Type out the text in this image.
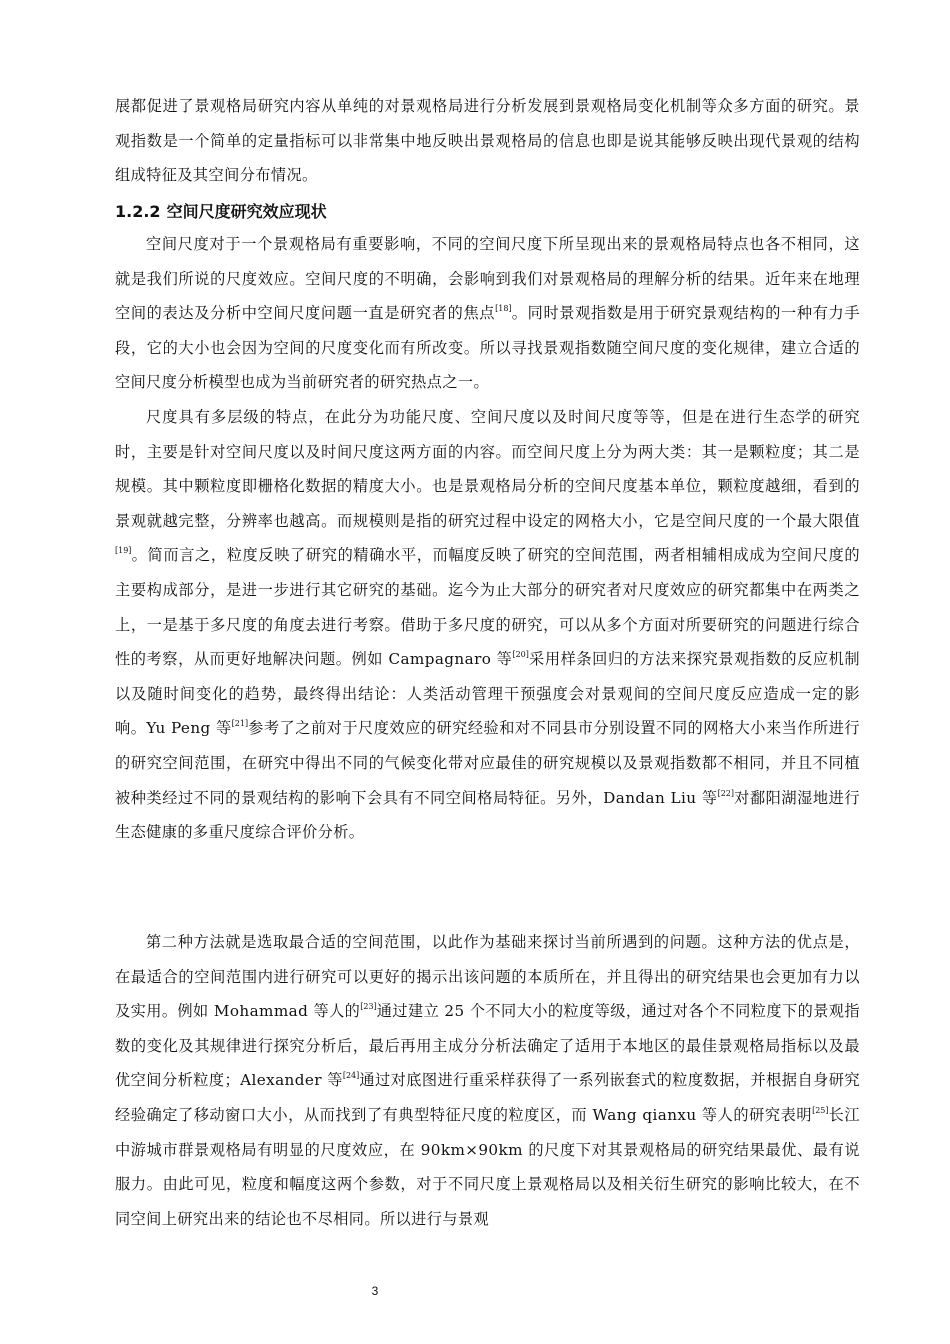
展都促进了景观格局研究内容从单纯的对景观格局进行分析发展到景观格局变化机制等众多方面的研究。景观指数是一个简单的定量指标可以非常集中地反映出景观格局的信息也即是说其能够反映出现代景观的结构组成特征及其空间分布情况。

1.2.2 空间尺度研究效应现状

空间尺度对于一个景观格局有重要影响，不同的空间尺度下所呈现出来的景观格局特点也各不相同，这就是我们所说的尺度效应。空间尺度的不明确，会影响到我们对景观格局的理解分析的结果。近年来在地理空间的表达及分析中空间尺度问题一直是研究者的焦点[18]。同时景观指数是用于研究景观结构的一种有力手段，它的大小也会因为空间的尺度变化而有所改变。所以寻找景观指数随空间尺度的变化规律，建立合适的空间尺度分析模型也成为当前研究者的研究热点之一。

尺度具有多层级的特点，在此分为功能尺度、空间尺度以及时间尺度等等，但是在进行生态学的研究时，主要是针对空间尺度以及时间尺度这两方面的内容。而空间尺度上分为两大类：其一是颗粒度；其二是规模。其中颗粒度即栅格化数据的精度大小。也是景观格局分析的空间尺度基本单位，颗粒度越细，看到的景观就越完整，分辨率也越高。而规模则是指的研究过程中设定的网格大小，它是空间尺度的一个最大限值[19]。简而言之，粒度反映了研究的精确水平，而幅度反映了研究的空间范围，两者相辅相成成为空间尺度的主要构成部分，是进一步进行其它研究的基础。迄今为止大部分的研究者对尺度效应的研究都集中在两类之上，一是基于多尺度的角度去进行考察。借助于多尺度的研究，可以从多个方面对所要研究的问题进行综合性的考察，从而更好地解决问题。例如 Campagnaro 等[20]采用样条回归的方法来探究景观指数的反应机制以及随时间变化的趋势，最终得出结论：人类活动管理干预强度会对景观间的空间尺度反应造成一定的影响。Yu Peng 等[21]参考了之前对于尺度效应的研究经验和对不同县市分别设置不同的网格大小来当作所进行的研究空间范围，在研究中得出不同的气候变化带对应最佳的研究规模以及景观指数都不相同，并且不同植被种类经过不同的景观结构的影响下会具有不同空间格局特征。另外，Dandan Liu 等[22]对鄱阳湖湿地进行生态健康的多重尺度综合评价分析。

第二种方法就是选取最合适的空间范围，以此作为基础来探讨当前所遇到的问题。这种方法的优点是，在最适合的空间范围内进行研究可以更好的揭示出该问题的本质所在，并且得出的研究结果也会更加有力以及实用。例如 Mohammad 等人的[23]通过建立 25 个不同大小的粒度等级，通过对各个不同粒度下的景观指数的变化及其规律进行探究分析后，最后再用主成分分析法确定了适用于本地区的最佳景观格局指标以及最优空间分析粒度；Alexander 等[24]通过对底图进行重采样获得了一系列嵌套式的粒度数据，并根据自身研究经验确定了移动窗口大小，从而找到了有典型特征尺度的粒度区，而 Wang qianxu 等人的研究表明[25]长江中游城市群景观格局有明显的尺度效应，在 90km×90km 的尺度下对其景观格局的研究结果最优、最有说服力。由此可见，粒度和幅度这两个参数，对于不同尺度上景观格局以及相关衍生研究的影响比较大，在不同空间上研究出来的结论也不尽相同。所以进行与景观

3
